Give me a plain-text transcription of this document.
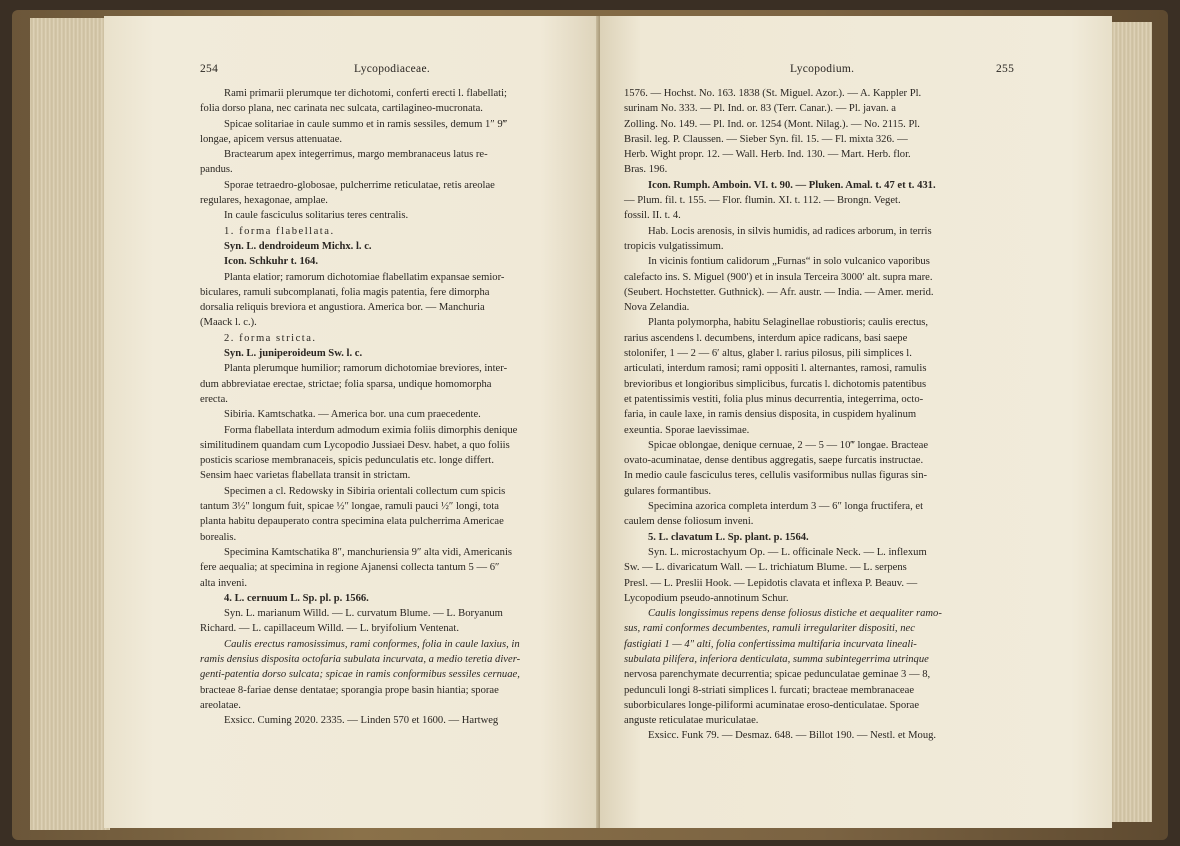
254	Lycopodiaceae.

Rami primarii plerumque ter dichotomi, conferti erecti l. flabellati;

folia dorso plana, nec carinata nec sulcata, cartilagineo-mucronata.

Spicae solitariae in caule summo et in ramis sessiles, demum 1″ 9‴

longae, apicem versus attenuatae.

Bractearum apex integerrimus, margo membranaceus latus re-

pandus.

Sporae tetraedro-globosae, pulcherrime reticulatae, retis areolae

regulares, hexagonae, amplae.

In caule fasciculus solitarius teres centralis.

1. forma flabellata.

Syn. L. dendroideum Michx. l. c.

Icon. Schkuhr t. 164.

Planta elatior; ramorum dichotomiae flabellatim expansae semior-

biculares, ramuli subcomplanati, folia magis patentia, fere dimorpha

dorsalia reliquis breviora et angustiora. America bor. — Manchuria

(Maack l. c.).

2. forma stricta.

Syn. L. juniperoideum Sw. l. c.

Planta plerumque humilior; ramorum dichotomiae breviores, inter-

dum abbreviatae erectae, strictae; folia sparsa, undique homomorpha

erecta.

Sibiria. Kamtschatka. — America bor. una cum praecedente.

Forma flabellata interdum admodum eximia foliis dimorphis denique

similitudinem quandam cum Lycopodio Jussiaei Desv. habet, a quo foliis

posticis scariose membranaceis, spicis pedunculatis etc. longe differt.

Sensim haec varietas flabellata transit in strictam.

Specimen a cl. Redowsky in Sibiria orientali collectum cum spicis

tantum 3½″ longum fuit, spicae ½″ longae, ramuli pauci ½″ longi, tota

planta habitu depauperato contra specimina elata pulcherrima Americae

borealis.

Specimina Kamtschatika 8″, manchuriensia 9″ alta vidi, Americanis

fere aequalia; at specimina in regione Ajanensi collecta tantum 5 — 6″

alta inveni.

4. L. cernuum L. Sp. pl. p. 1566.

Syn. L. marianum Willd. — L. curvatum Blume. — L. Boryanum

Richard. — L. capillaceum Willd. — L. bryifolium Ventenat.

Caulis erectus ramosissimus, rami conformes, folia in caule laxius, in

ramis densius disposita octofaria subulata incurvata, a medio teretia diver-

genti-patentia dorso sulcata; spicae in ramis conformibus sessiles cernuae,

bracteae 8-fariae dense dentatae; sporangia prope basin hiantia; sporae

areolatae.

Exsicc. Cuming 2020. 2335. — Linden 570 et 1600. — Hartweg

Lycopodium.	255

1576. — Hochst. No. 163. 1838 (St. Miguel. Azor.). — A. Kappler Pl.

surinam No. 333. — Pl. Ind. or. 83 (Terr. Canar.). — Pl. javan. a

Zolling. No. 149. — Pl. Ind. or. 1254 (Mont. Nilag.). — No. 2115. Pl.

Brasil. leg. P. Claussen. — Sieber Syn. fil. 15. — Fl. mixta 326. —

Herb. Wight propr. 12. — Wall. Herb. Ind. 130. — Mart. Herb. flor.

Bras. 196.

Icon. Rumph. Amboin. VI. t. 90. — Pluken. Amal. t. 47 et t. 431.

— Plum. fil. t. 155. — Flor. flumin. XI. t. 112. — Brongn. Veget.

fossil. II. t. 4.

Hab. Locis arenosis, in silvis humidis, ad radices arborum, in terris

tropicis vulgatissimum.

In vicinis fontium calidorum „Furnas“ in solo vulcanico vaporibus

calefacto ins. S. Miguel (900′) et in insula Terceira 3000′ alt. supra mare.

(Seubert. Hochstetter. Guthnick). — Afr. austr. — India. — Amer. merid.

Nova Zelandia.

Planta polymorpha, habitu Selaginellae robustioris; caulis erectus,

rarius ascendens l. decumbens, interdum apice radicans, basi saepe

stolonifer, 1 — 2 — 6′ altus, glaber l. rarius pilosus, pili simplices l.

articulati, interdum ramosi; rami oppositi l. alternantes, ramosi, ramulis

brevioribus et longioribus simplicibus, furcatis l. dichotomis patentibus

et patentissimis vestiti, folia plus minus decurrentia, integerrima, octo-

faria, in caule laxe, in ramis densius disposita, in cuspidem hyalinum

exeuntia. Sporae laevissimae.

Spicae oblongae, denique cernuae, 2 — 5 — 10‴ longae. Bracteae

ovato-acuminatae, dense dentibus aggregatis, saepe furcatis instructae.

In medio caule fasciculus teres, cellulis vasiformibus nullas figuras sin-

gulares formantibus.

Specimina azorica completa interdum 3 — 6″ longa fructifera, et

caulem dense foliosum inveni.

5. L. clavatum L. Sp. plant. p. 1564.

Syn. L. microstachyum Op. — L. officinale Neck. — L. inflexum

Sw. — L. divaricatum Wall. — L. trichiatum Blume. — L. serpens

Presl. — L. Preslii Hook. — Lepidotis clavata et inflexa P. Beauv. —

Lycopodium pseudo-annotinum Schur.

Caulis longissimus repens dense foliosus distiche et aequaliter ramo-

sus, rami conformes decumbentes, ramuli irregulariter dispositi, nec

fastigiati 1 — 4″ alti, folia confertissima multifaria incurvata lineali-

subulata pilifera, inferiora denticulata, summa subintegerrima utrinque

nervosa parenchymate decurrentia; spicae pedunculatae geminae 3 — 8,

pedunculi longi 8-striati simplices l. furcati; bracteae membranaceae

suborbiculares longe-piliformi acuminatae eroso-denticulatae. Sporae

anguste reticulatae muriculatae.

Exsicc. Funk 79. — Desmaz. 648. — Billot 190. — Nestl. et Moug.
